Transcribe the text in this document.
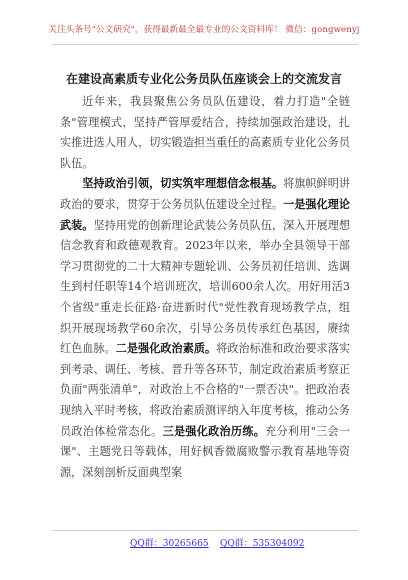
关注头条号"公文研究"，获得最新最全最专业的公文资料库！ 微信：gongwenyj
在建设高素质专业化公务员队伍座谈会上的交流发言

近年来，我县聚焦公务员队伍建设，着力打造"全链条"管理模式，坚持严管厚爱结合，持续加强政治建设，扎实推进选人用人，切实锻造担当重任的高素质专业化公务员队伍。

坚持政治引领，切实筑牢理想信念根基。将旗帜鲜明讲政治的要求，贯穿于公务员队伍建设全过程。一是强化理论武装。坚持用党的创新理论武装公务员队伍，深入开展理想信念教育和政德观教育。2023年以来，举办全县领导干部学习贯彻党的二十大精神专题轮训、公务员初任培训、选调生到村任职等14个培训班次，培训600余人次。用好用活3个省级"重走长征路·奋进新时代"党性教育现场教学点，组织开展现场教学60余次，引导公务员传承红色基因，赓续红色血脉。二是强化政治素质。将政治标准和政治要求落实到考录、调任、考核、晋升等各环节，制定政治素质考察正负面"两张清单"，对政治上不合格的"一票否决"。把政治表现纳入平时考核，将政治素质测评纳入年度考核，推动公务员政治体检常态化。三是强化政治历练。充分利用"三会一课"、主题党日等载体，用好枫香微腐败警示教育基地等资源，深刻剖析反面典型案

QQ群：30265665 QQ群：535304092
